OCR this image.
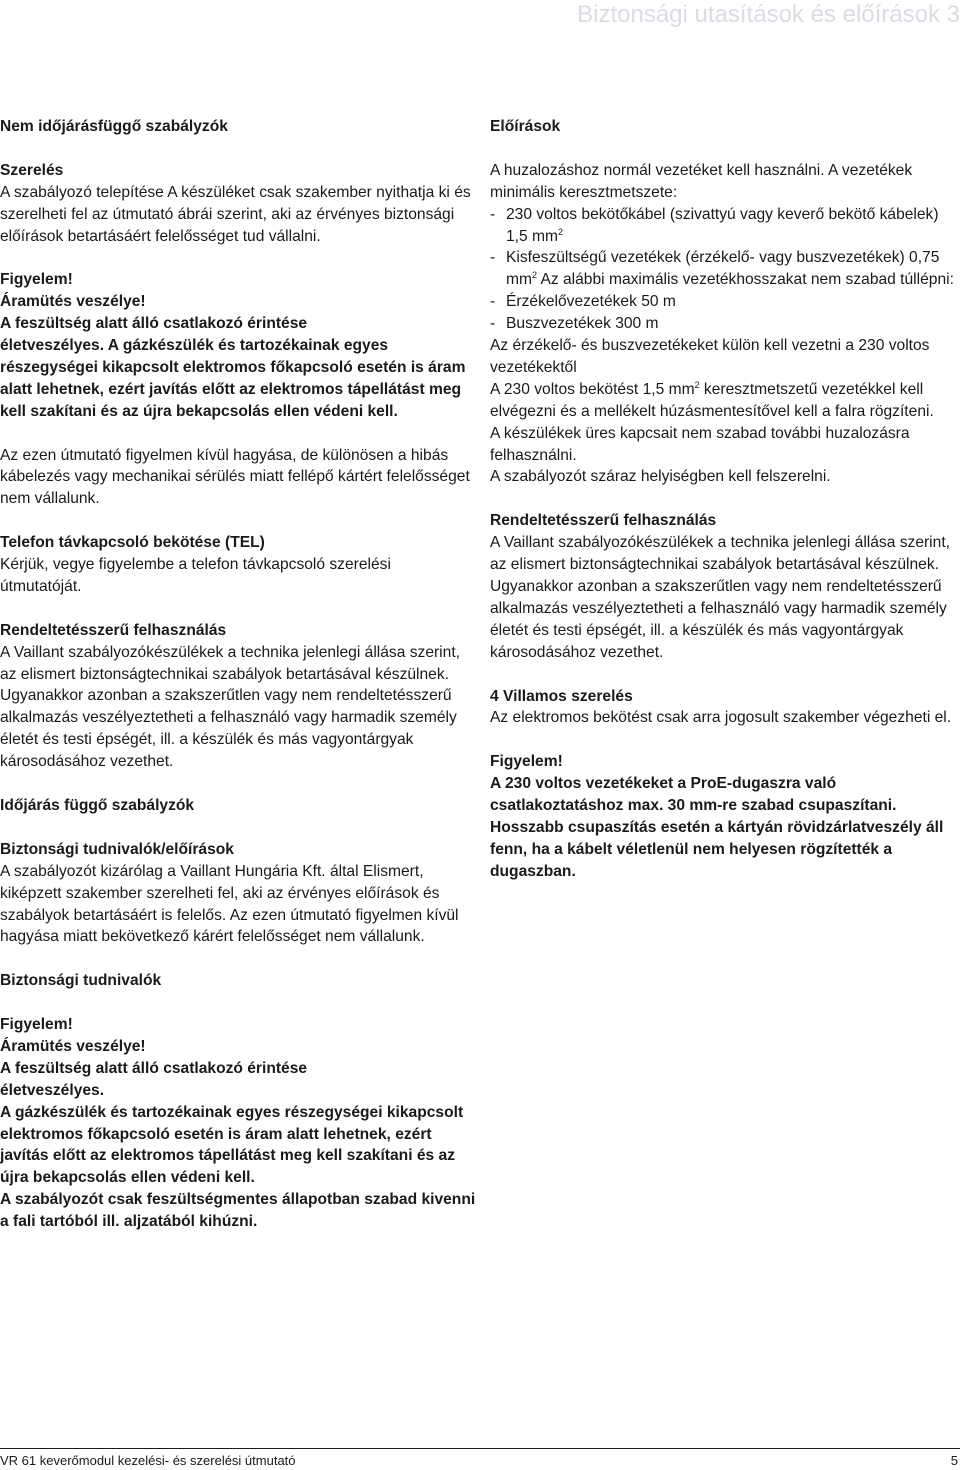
Biztonsági utasítások és előírások 3

Nem időjárásfüggő szabályzók

Szerelés

A szabályozó telepítése A készüléket csak szakember nyithatja ki és szerelheti fel az útmutató ábrái szerint, aki az érvényes biztonsági előírások betartásáért felelősséget tud vállalni.

Figyelem!

Áramütés veszélye!

A feszültség alatt álló csatlakozó érintése

életveszélyes. A gázkészülék és tartozékainak egyes részegységei kikapcsolt elektromos főkapcsoló esetén is áram alatt lehetnek, ezért javítás előtt az elektromos tápellátást meg kell szakítani és az újra bekapcsolás ellen védeni kell.

Az ezen útmutató figyelmen kívül hagyása, de különösen a hibás kábelezés vagy mechanikai sérülés miatt fellépő kártért felelősséget nem vállalunk.

Telefon távkapcsoló bekötése (TEL)

Kérjük, vegye figyelembe a telefon távkapcsoló szerelési útmutatóját.

Rendeltetésszerű felhasználás

A Vaillant szabályozókészülékek a technika jelenlegi állása szerint, az elismert biztonságtechnikai szabályok betartásával készülnek. Ugyanakkor azonban a szakszerűtlen vagy nem rendeltetésszerű alkalmazás veszélyeztetheti a felhasználó vagy harmadik személy életét és testi épségét, ill. a készülék és más vagyontárgyak károsodásához vezethet.

Időjárás függő szabályzók

Biztonsági tudnivalók/előírások

A szabályozót kizárólag a Vaillant Hungária Kft. által Elismert, kiképzett szakember szerelheti fel, aki az érvényes előírások és szabályok betartásáért is felelős. Az ezen útmutató figyelmen kívül hagyása miatt bekövetkező kárért felelősséget nem vállalunk.

Biztonsági tudnivalók

Figyelem!

Áramütés veszélye!

A feszültség alatt álló csatlakozó érintése

életveszélyes.

A gázkészülék és tartozékainak egyes részegységei kikapcsolt elektromos főkapcsoló esetén is áram alatt lehetnek, ezért javítás előtt az elektromos tápellátást meg kell szakítani és az újra bekapcsolás ellen védeni kell.

A szabályozót csak feszültségmentes állapotban szabad kivenni a fali tartóból ill. aljzatából kihúzni.

Előírások

A huzalozáshoz normál vezetéket kell használni. A vezetékek minimális keresztmetszete:

- 230 voltos bekötőkábel (szivattyú vagy keverő bekötő kábelek) 1,5 $mm^2$
- Kisfeszültségű vezetékek (érzékelő- vagy buszvezetékek) 0,75 $mm^2$ Az alábbi maximális vezetékhosszakat nem szabad túllépni:
- Érzékelővezetékek 50 m
- Buszvezetékek 300 m

Az érzékelő- és buszvezetékeket külön kell vezetni a 230 voltos vezetékektől

A 230 voltos bekötést 1,5 $mm^2$ keresztmetszetű vezetékkel kell elvégezni és a mellékelt húzásmentesítővel kell a falra rögzíteni.

A készülékek üres kapcsait nem szabad további huzalozásra felhasználni.

A szabályozót száraz helyiségben kell felszerelni.

Rendeltetésszerű felhasználás

A Vaillant szabályozókészülékek a technika jelenlegi állása szerint, az elismert biztonságtechnikai szabályok betartásával készülnek. Ugyanakkor azonban a szakszerűtlen vagy nem rendeltetésszerű alkalmazás veszélyeztetheti a felhasználó vagy harmadik személy életét és testi épségét, ill. a készülék és más vagyontárgyak károsodásához vezethet.

4 Villamos szerelés

Az elektromos bekötést csak arra jogosult szakember végezheti el.

Figyelem!

A 230 voltos vezetékeket a ProE-dugaszra való csatlakoztatáshoz max. 30 mm-re szabad csupaszítani.

Hosszabb csupaszítás esetén a kártyán rövidzárlatveszély áll fenn, ha a kábelt véletlenül nem helyesen rögzítették a dugaszban.

VR 61 keverőmodul kezelési- és szerelési útmutató	5
